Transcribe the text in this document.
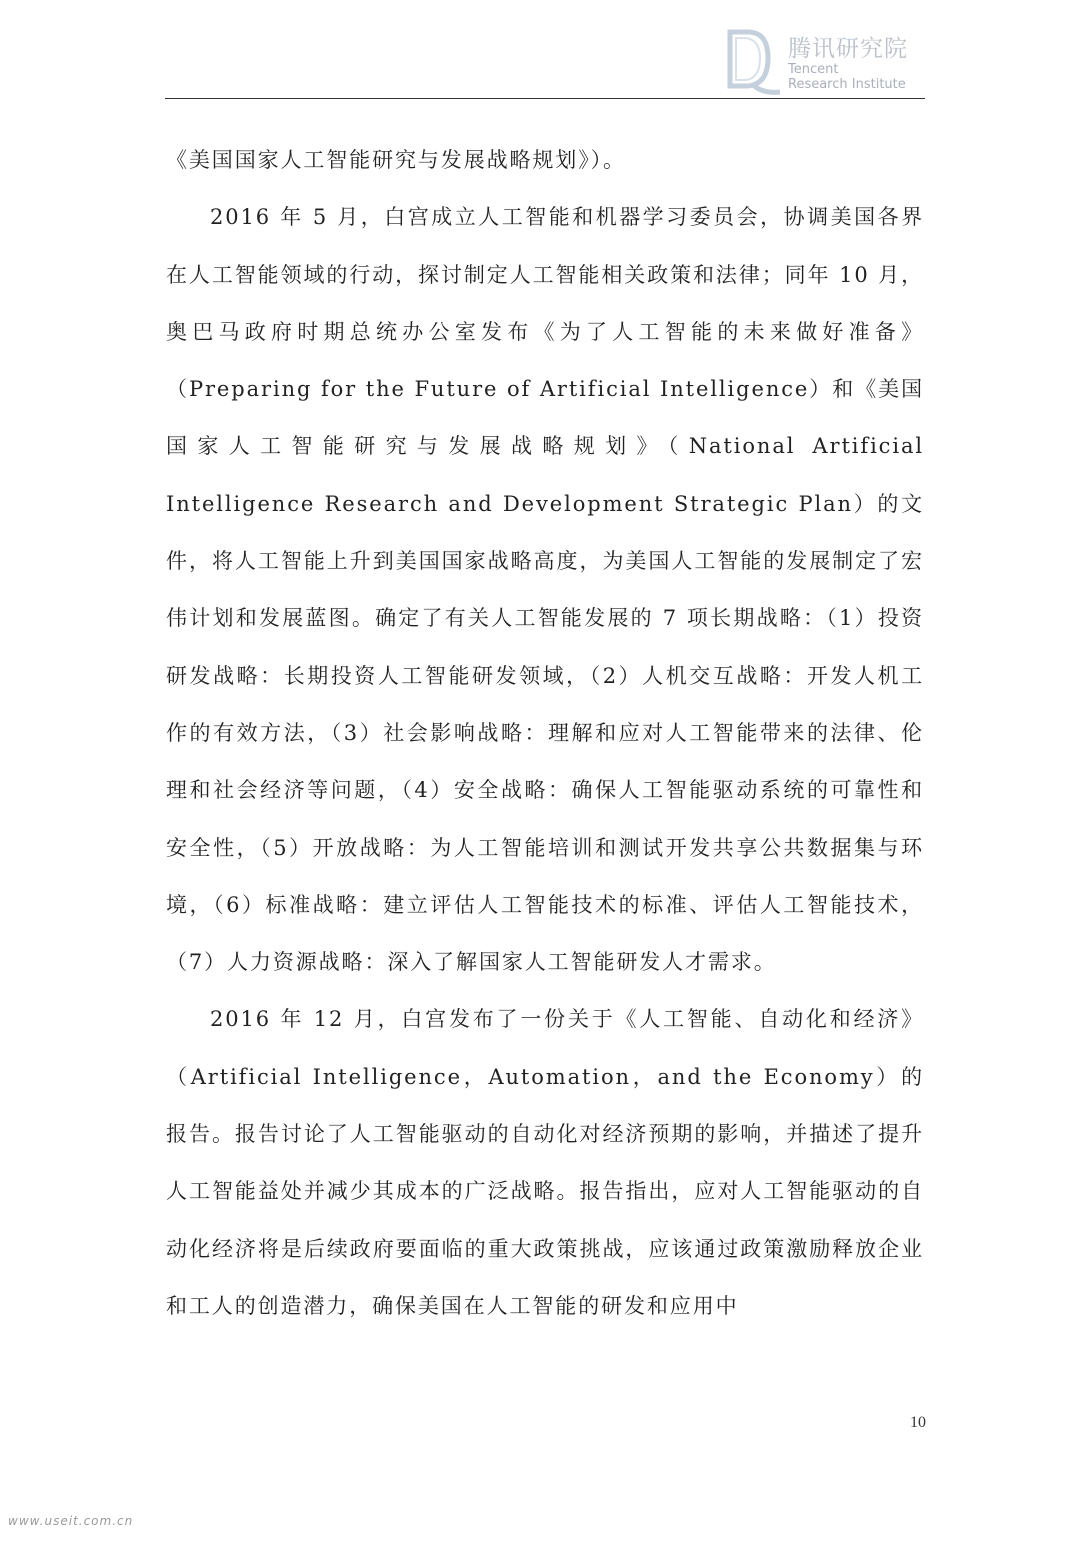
腾讯研究院
Tencent
Research Institute

《美国国家人工智能研究与发展战略规划》）。

2016 年 5 月，白宫成立人工智能和机器学习委员会，协调美国各界在人工智能领域的行动，探讨制定人工智能相关政策和法律；同年 10 月，奥巴马政府时期总统办公室发布《为了人工智能的未来做好准备》（Preparing for the Future of Artificial Intelligence）和《美国国家人工智能研究与发展战略规划》（National Artificial Intelligence Research and Development Strategic Plan）的文件，将人工智能上升到美国国家战略高度，为美国人工智能的发展制定了宏伟计划和发展蓝图。确定了有关人工智能发展的 7 项长期战略：（1）投资研发战略：长期投资人工智能研发领域，（2）人机交互战略：开发人机工作的有效方法，（3）社会影响战略：理解和应对人工智能带来的法律、伦理和社会经济等问题，（4）安全战略：确保人工智能驱动系统的可靠性和安全性，（5）开放战略：为人工智能培训和测试开发共享公共数据集与环境，（6）标准战略：建立评估人工智能技术的标准、评估人工智能技术，（7）人力资源战略：深入了解国家人工智能研发人才需求。

2016 年 12 月，白宫发布了一份关于《人工智能、自动化和经济》（Artificial Intelligence，Automation，and the Economy）的报告。报告讨论了人工智能驱动的自动化对经济预期的影响，并描述了提升人工智能益处并减少其成本的广泛战略。报告指出，应对人工智能驱动的自动化经济将是后续政府要面临的重大政策挑战，应该通过政策激励释放企业和工人的创造潜力，确保美国在人工智能的研发和应用中

10
www.useit.com.cn
